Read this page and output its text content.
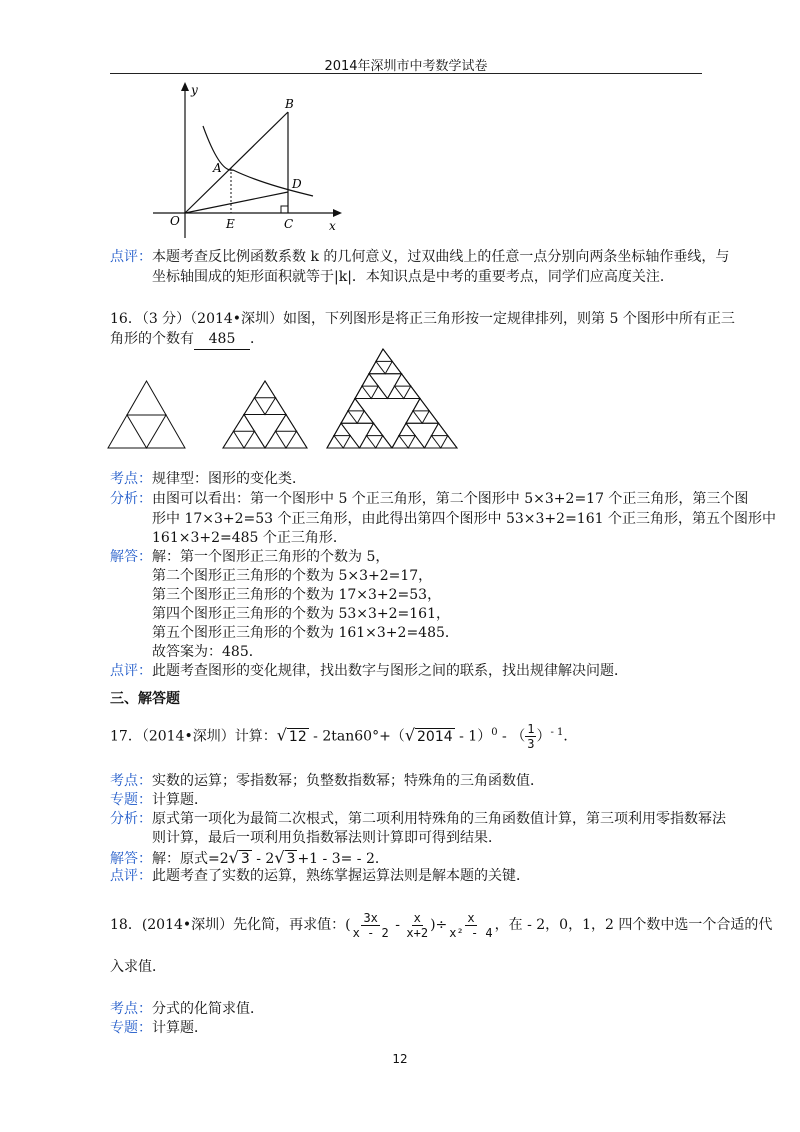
2014年深圳市中考数学试卷
y
B
A
D
O	E	C	x
点评：本题考查反比例函数系数 k 的几何意义，过双曲线上的任意一点分别向两条坐标轴作垂线，与
坐标轴围成的矩形面积就等于|k|．本知识点是中考的重要考点，同学们应高度关注．
16．（3 分）（2014•深圳）如图，下列图形是将正三角形按一定规律排列，则第 5 个图形中所有正三
角形的个数有 485 ．
考点：规律型：图形的变化类．
分析：由图可以看出：第一个图形中 5 个正三角形，第二个图形中 5×3+2=17 个正三角形，第三个图
形中 17×3+2=53 个正三角形，由此得出第四个图形中 53×3+2=161 个正三角形，第五个图形中
161×3+2=485 个正三角形．
解答：解：第一个图形正三角形的个数为 5，
第二个图形正三角形的个数为 5×3+2=17，
第三个图形正三角形的个数为 17×3+2=53，
第四个图形正三角形的个数为 53×3+2=161，
第五个图形正三角形的个数为 161×3+2=485．
故答案为：485．
点评：此题考查图形的变化规律，找出数字与图形之间的联系，找出规律解决问题．
三、解答题
17．（2014•深圳）计算：√ 12 - 2tan60°+（√ 2014 - 1）$^0$ - （ $\frac{1}{3} )^{- 1}$．
考点：实数的运算；零指数幂；负整数指数幂；特殊角的三角函数值．
专题：计算题．
分析：原式第一项化为最简二次根式，第二项利用特殊角的三角函数值计算，第三项利用零指数幂法
则计算，最后一项利用负指数幂法则计算即可得到结果．
解答：解：原式=2√ 3 - 2√ 3 +1 - 3= - 2．
点评：此题考查了实数的运算，熟练掌握运算法则是解本题的关键．
18．(2014•深圳）先化简，再求值：( $\frac{3x}{x - 2} - \frac{x}{x+2}$ )÷ $\frac{x}{\text{x² - 4}}$ ，在 - 2，0，1，2 四个数中选一个合适的代
入求值．
考点：分式的化简求值．
专题：计算题．
12
